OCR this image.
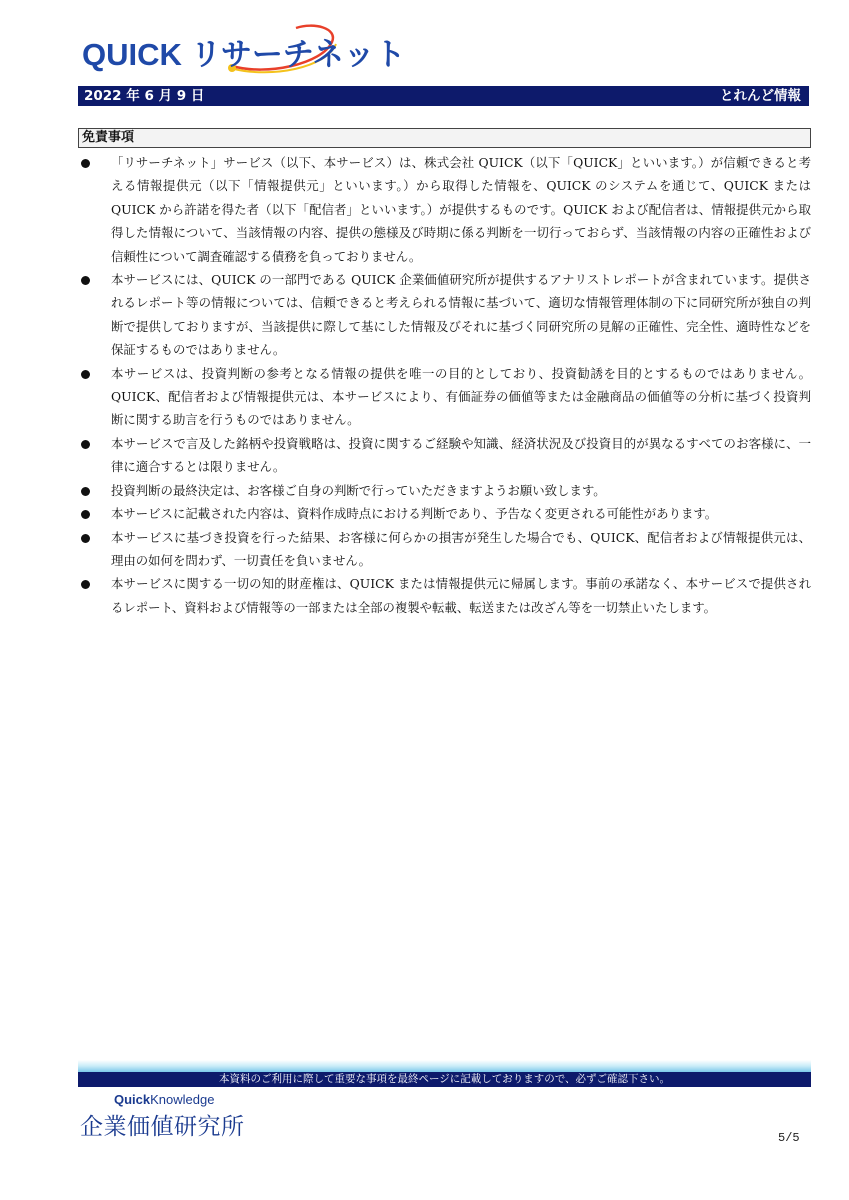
QUICK リサーチネット
2022 年 6 月 9 日	とれんど情報
免責事項
「リサーチネット」サービス（以下、本サービス）は、株式会社 QUICK（以下「QUICK」といいます。）が信頼できると考える情報提供元（以下「情報提供元」といいます。）から取得した情報を、QUICK のシステムを通じて、QUICK または QUICK から許諾を得た者（以下「配信者」といいます。）が提供するものです。QUICK および配信者は、情報提供元から取得した情報について、当該情報の内容、提供の態様及び時期に係る判断を一切行っておらず、当該情報の内容の正確性および信頼性について調査確認する債務を負っておりません。
本サービスには、QUICK の一部門である QUICK 企業価値研究所が提供するアナリストレポートが含まれています。提供されるレポート等の情報については、信頼できると考えられる情報に基づいて、適切な情報管理体制の下に同研究所が独自の判断で提供しておりますが、当該提供に際して基にした情報及びそれに基づく同研究所の見解の正確性、完全性、適時性などを保証するものではありません。
本サービスは、投資判断の参考となる情報の提供を唯一の目的としており、投資勧誘を目的とするものではありません。QUICK、配信者および情報提供元は、本サービスにより、有価証券の価値等または金融商品の価値等の分析に基づく投資判断に関する助言を行うものではありません。
本サービスで言及した銘柄や投資戦略は、投資に関するご経験や知識、経済状況及び投資目的が異なるすべてのお客様に、一律に適合するとは限りません。
投資判断の最終決定は、お客様ご自身の判断で行っていただきますようお願い致します。
本サービスに記載された内容は、資料作成時点における判断であり、予告なく変更される可能性があります。
本サービスに基づき投資を行った結果、お客様に何らかの損害が発生した場合でも、QUICK、配信者および情報提供元は、理由の如何を問わず、一切責任を負いません。
本サービスに関する一切の知的財産権は、QUICK または情報提供元に帰属します。事前の承諾なく、本サービスで提供されるレポート、資料および情報等の一部または全部の複製や転載、転送または改ざん等を一切禁止いたします。
本資料のご利用に際して重要な事項を最終ページに記載しておりますので、必ずご確認下さい。
QuickKnowledge
企業価値研究所	5/5
